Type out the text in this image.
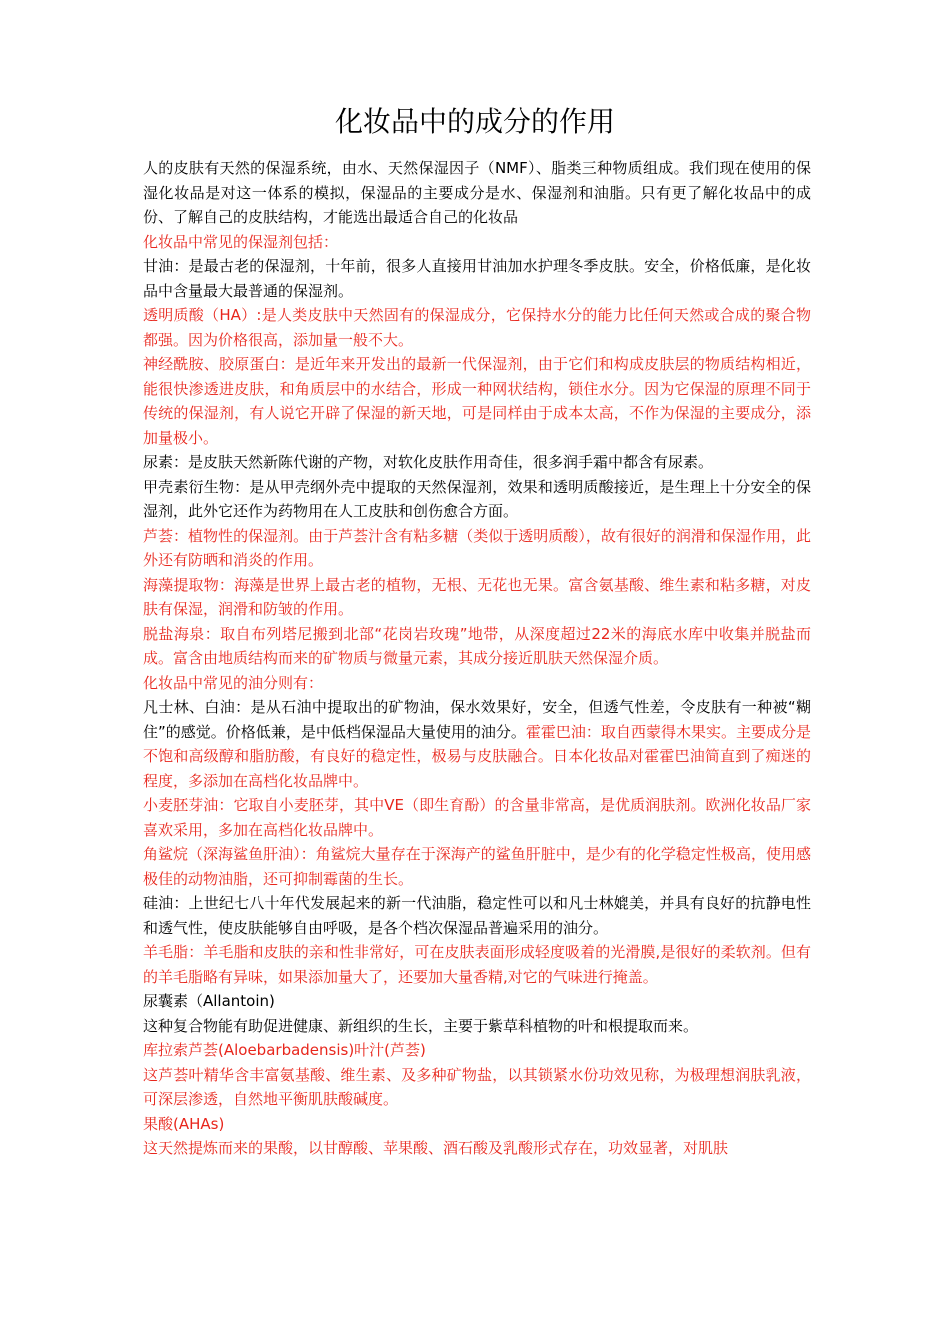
化妆品中的成分的作用

人的皮肤有天然的保湿系统，由水、天然保湿因子（NMF）、脂类三种物质组成。我们现在使用的保湿化妆品是对这一体系的模拟，保湿品的主要成分是水、保湿剂和油脂。只有更了解化妆品中的成份、了解自己的皮肤结构，才能选出最适合自己的化妆品

化妆品中常见的保湿剂包括：

甘油：是最古老的保湿剂，十年前，很多人直接用甘油加水护理冬季皮肤。安全，价格低廉，是化妆品中含量最大最普通的保湿剂。

透明质酸（HA）:是人类皮肤中天然固有的保湿成分，它保持水分的能力比任何天然或合成的聚合物都强。因为价格很高，添加量一般不大。

神经酰胺、胶原蛋白：是近年来开发出的最新一代保湿剂，由于它们和构成皮肤层的物质结构相近，能很快渗透进皮肤，和角质层中的水结合，形成一种网状结构，锁住水分。因为它保湿的原理不同于传统的保湿剂，有人说它开辟了保湿的新天地，可是同样由于成本太高，不作为保湿的主要成分，添加量极小。

尿素：是皮肤天然新陈代谢的产物，对软化皮肤作用奇佳，很多润手霜中都含有尿素。

甲壳素衍生物：是从甲壳纲外壳中提取的天然保湿剂，效果和透明质酸接近，是生理上十分安全的保湿剂，此外它还作为药物用在人工皮肤和创伤愈合方面。

芦荟：植物性的保湿剂。由于芦荟汁含有粘多糖（类似于透明质酸），故有很好的润滑和保湿作用，此外还有防晒和消炎的作用。

海藻提取物：海藻是世界上最古老的植物，无根、无花也无果。富含氨基酸、维生素和粘多糖，对皮肤有保湿，润滑和防皱的作用。

脱盐海泉：取自布列塔尼搬到北部“花岗岩玫瑰”地带，从深度超过22米的海底水库中收集并脱盐而成。富含由地质结构而来的矿物质与微量元素，其成分接近肌肤天然保湿介质。

化妆品中常见的油分则有：

凡士林、白油：是从石油中提取出的矿物油，保水效果好，安全，但透气性差，令皮肤有一种被“糊住”的感觉。价格低兼，是中低档保湿品大量使用的油分。霍霍巴油：取自西蒙得木果实。主要成分是不饱和高级醇和脂肪酸，有良好的稳定性，极易与皮肤融合。日本化妆品对霍霍巴油简直到了痴迷的程度，多添加在高档化妆品牌中。

小麦胚芽油：它取自小麦胚芽，其中VE（即生育酚）的含量非常高，是优质润肤剂。欧洲化妆品厂家喜欢采用，多加在高档化妆品牌中。

角鲨烷（深海鲨鱼肝油）：角鲨烷大量存在于深海产的鲨鱼肝脏中，是少有的化学稳定性极高，使用感极佳的动物油脂，还可抑制霉菌的生长。

硅油：上世纪七八十年代发展起来的新一代油脂，稳定性可以和凡士林媲美，并具有良好的抗静电性和透气性，使皮肤能够自由呼吸，是各个档次保湿品普遍采用的油分。

羊毛脂：羊毛脂和皮肤的亲和性非常好，可在皮肤表面形成轻度吸着的光滑膜,是很好的柔软剂。但有的羊毛脂略有异味，如果添加量大了，还要加大量香精,对它的气味进行掩盖。

尿囊素（Allantoin)

这种复合物能有助促进健康、新组织的生长，主要于紫草科植物的叶和根提取而来。

库拉索芦荟(Aloebarbadensis)叶汁(芦荟)

这芦荟叶精华含丰富氨基酸、维生素、及多种矿物盐，以其锁紧水份功效见称，为极理想润肤乳液，可深层渗透，自然地平衡肌肤酸碱度。

果酸(AHAs)

这天然提炼而来的果酸，以甘醇酸、苹果酸、酒石酸及乳酸形式存在，功效显著，对肌肤
